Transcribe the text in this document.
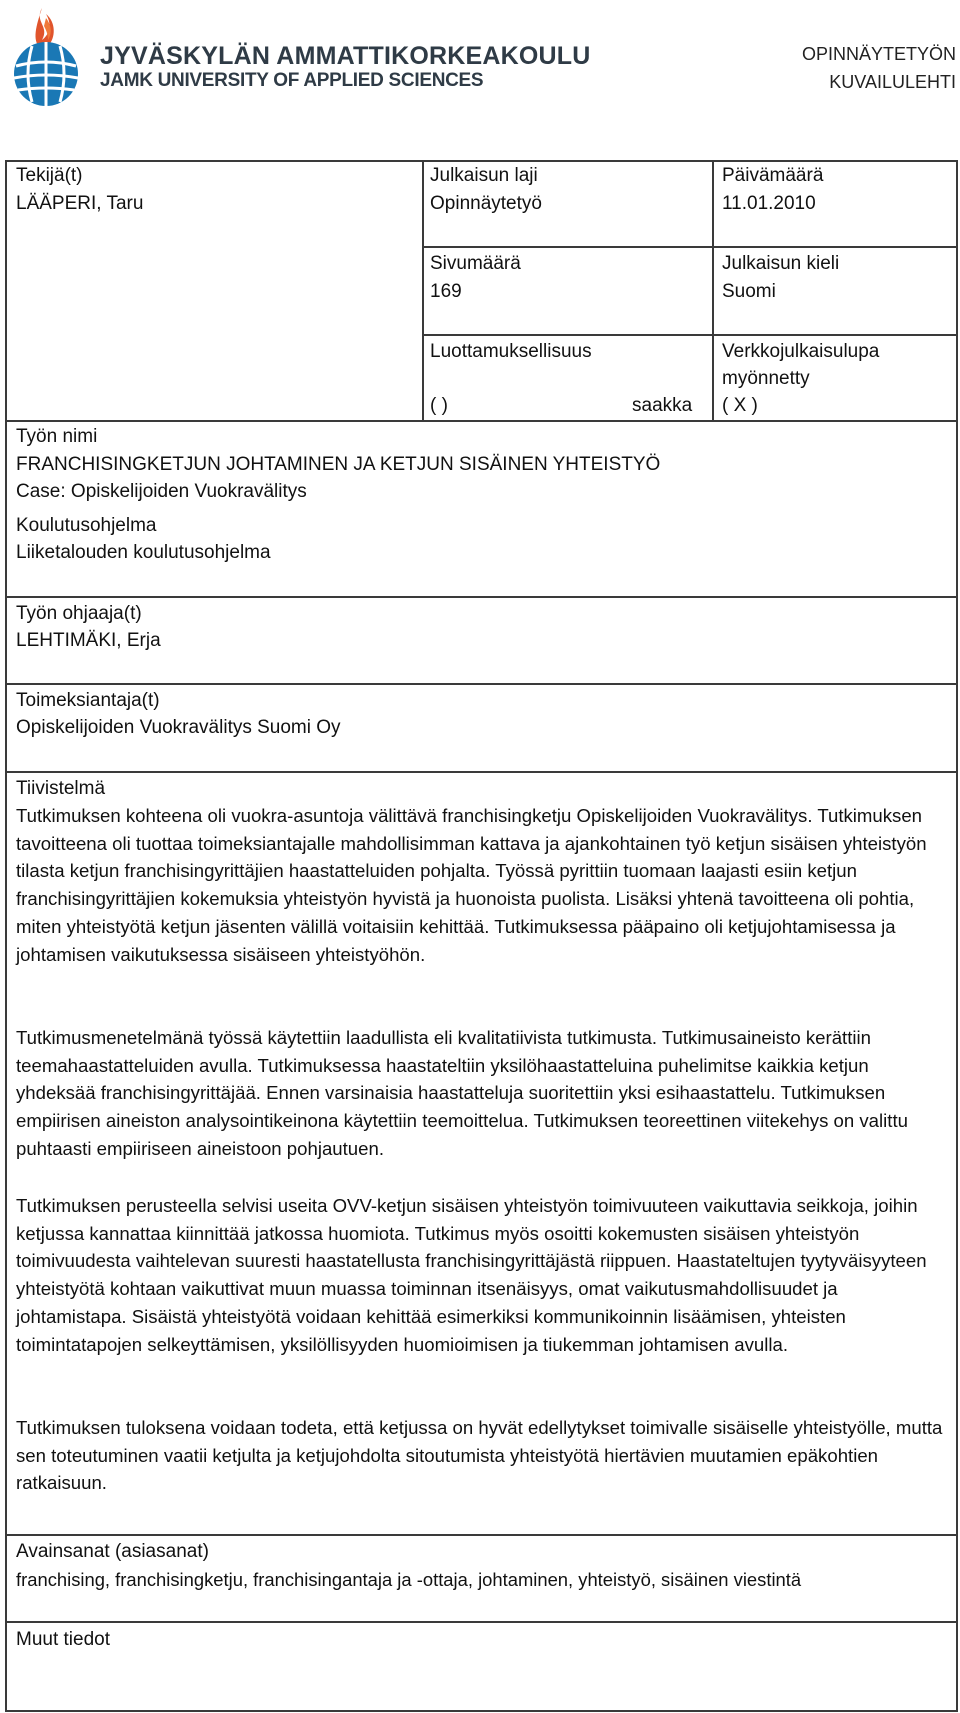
JYVÄSKYLÄN AMMATTIKORKEAKOULU
JAMK UNIVERSITY OF APPLIED SCIENCES
OPINNÄYTETYÖN
KUVAILULEHTI
Tekijä(t)
LÄÄPERI, Taru
Julkaisun laji
Opinnäytetyö
Päivämäärä
11.01.2010
Sivumäärä
169
Julkaisun kieli
Suomi
Luottamuksellisuus
( )	saakka
Verkkojulkaisulupa
myönnetty
( X )
Työn nimi
FRANCHISINGKETJUN JOHTAMINEN JA KETJUN SISÄINEN YHTEISTYÖ
Case: Opiskelijoiden Vuokravälitys
Koulutusohjelma
Liiketalouden koulutusohjelma
Työn ohjaaja(t)
LEHTIMÄKI, Erja
Toimeksiantaja(t)
Opiskelijoiden Vuokravälitys Suomi Oy
Tiivistelmä
Tutkimuksen kohteena oli vuokra-asuntoja välittävä franchisingketju Opiskelijoiden Vuokravälitys. Tutkimuksen tavoitteena oli tuottaa toimeksiantajalle mahdollisimman kattava ja ajankohtainen työ ketjun sisäisen yhteistyön tilasta ketjun franchisingyrittäjien haastatteluiden pohjalta. Työssä pyrittiin tuomaan laajasti esiin ketjun franchisingyrittäjien kokemuksia yhteistyön hyvistä ja huonoista puolista. Lisäksi yhtenä tavoitteena oli pohtia, miten yhteistyötä ketjun jäsenten välillä voitaisiin kehittää. Tutkimuksessa pääpaino oli ketjujohtamisessa ja johtamisen vaikutuksessa sisäiseen yhteistyöhön.
Tutkimusmenetelmänä työssä käytettiin laadullista eli kvalitatiivista tutkimusta. Tutkimusaineisto kerättiin teemahaastatteluiden avulla. Tutkimuksessa haastateltiin yksilöhaastatteluina puhelimitse kaikkia ketjun yhdeksää franchisingyrittäjää. Ennen varsinaisia haastatteluja suoritettiin yksi esihaastattelu. Tutkimuksen empiirisen aineiston analysointikeinona käytettiin teemoittelua. Tutkimuksen teoreettinen viitekehys on valittu puhtaasti empiiriseen aineistoon pohjautuen.
Tutkimuksen perusteella selvisi useita OVV-ketjun sisäisen yhteistyön toimivuuteen vaikuttavia seikkoja, joihin ketjussa kannattaa kiinnittää jatkossa huomiota. Tutkimus myös osoitti kokemusten sisäisen yhteistyön toimivuudesta vaihtelevan suuresti haastatellusta franchisingyrittäjästä riippuen. Haastateltujen tyytyväisyyteen yhteistyötä kohtaan vaikuttivat muun muassa toiminnan itsenäisyys, omat vaikutusmahdollisuudet ja johtamistapa. Sisäistä yhteistyötä voidaan kehittää esimerkiksi kommunikoinnin lisäämisen, yhteisten toimintatapojen selkeyttämisen, yksilöllisyyden huomioimisen ja tiukemman johtamisen avulla.
Tutkimuksen tuloksena voidaan todeta, että ketjussa on hyvät edellytykset toimivalle sisäiselle yhteistyölle, mutta sen toteutuminen vaatii ketjulta ja ketjujohdolta sitoutumista yhteistyötä hiertävien muutamien epäkohtien ratkaisuun.
Avainsanat (asiasanat)
franchising, franchisingketju, franchisingantaja ja -ottaja, johtaminen, yhteistyö, sisäinen viestintä
Muut tiedot
